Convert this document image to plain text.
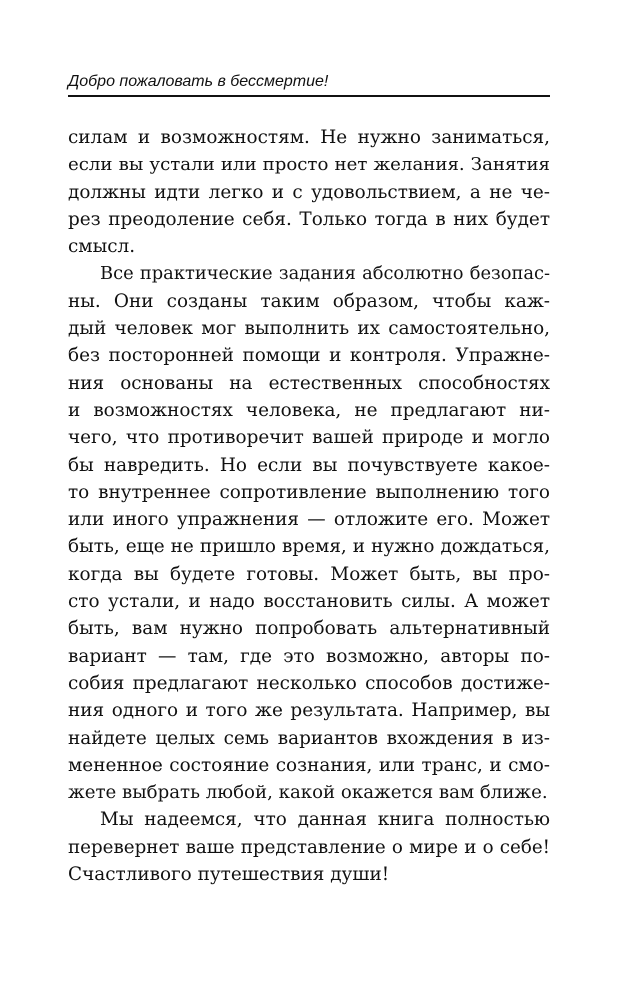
Добро пожаловать в бессмертие!
силам и возможностям. Не нужно заниматься,
если вы устали или просто нет желания. Занятия
должны идти легко и с удовольствием, а не че-
рез преодоление себя. Только тогда в них будет
смысл.
Все практические задания абсолютно безопас-
ны. Они созданы таким образом, чтобы каж-
дый человек мог выполнить их самостоятельно,
без посторонней помощи и контроля. Упражне-
ния основаны на естественных способностях
и возможностях человека, не предлагают ни-
чего, что противоречит вашей природе и могло
бы навредить. Но если вы почувствуете какое-
то внутреннее сопротивление выполнению того
или иного упражнения — отложите его. Может
быть, еще не пришло время, и нужно дождаться,
когда вы будете готовы. Может быть, вы про-
сто устали, и надо восстановить силы. А может
быть, вам нужно попробовать альтернативный
вариант — там, где это возможно, авторы по-
собия предлагают несколько способов достиже-
ния одного и того же результата. Например, вы
найдете целых семь вариантов вхождения в из-
мененное состояние сознания, или транс, и смо-
жете выбрать любой, какой окажется вам ближе.
Мы надеемся, что данная книга полностью
перевернет ваше представление о мире и о себе!
Счастливого путешествия души!
